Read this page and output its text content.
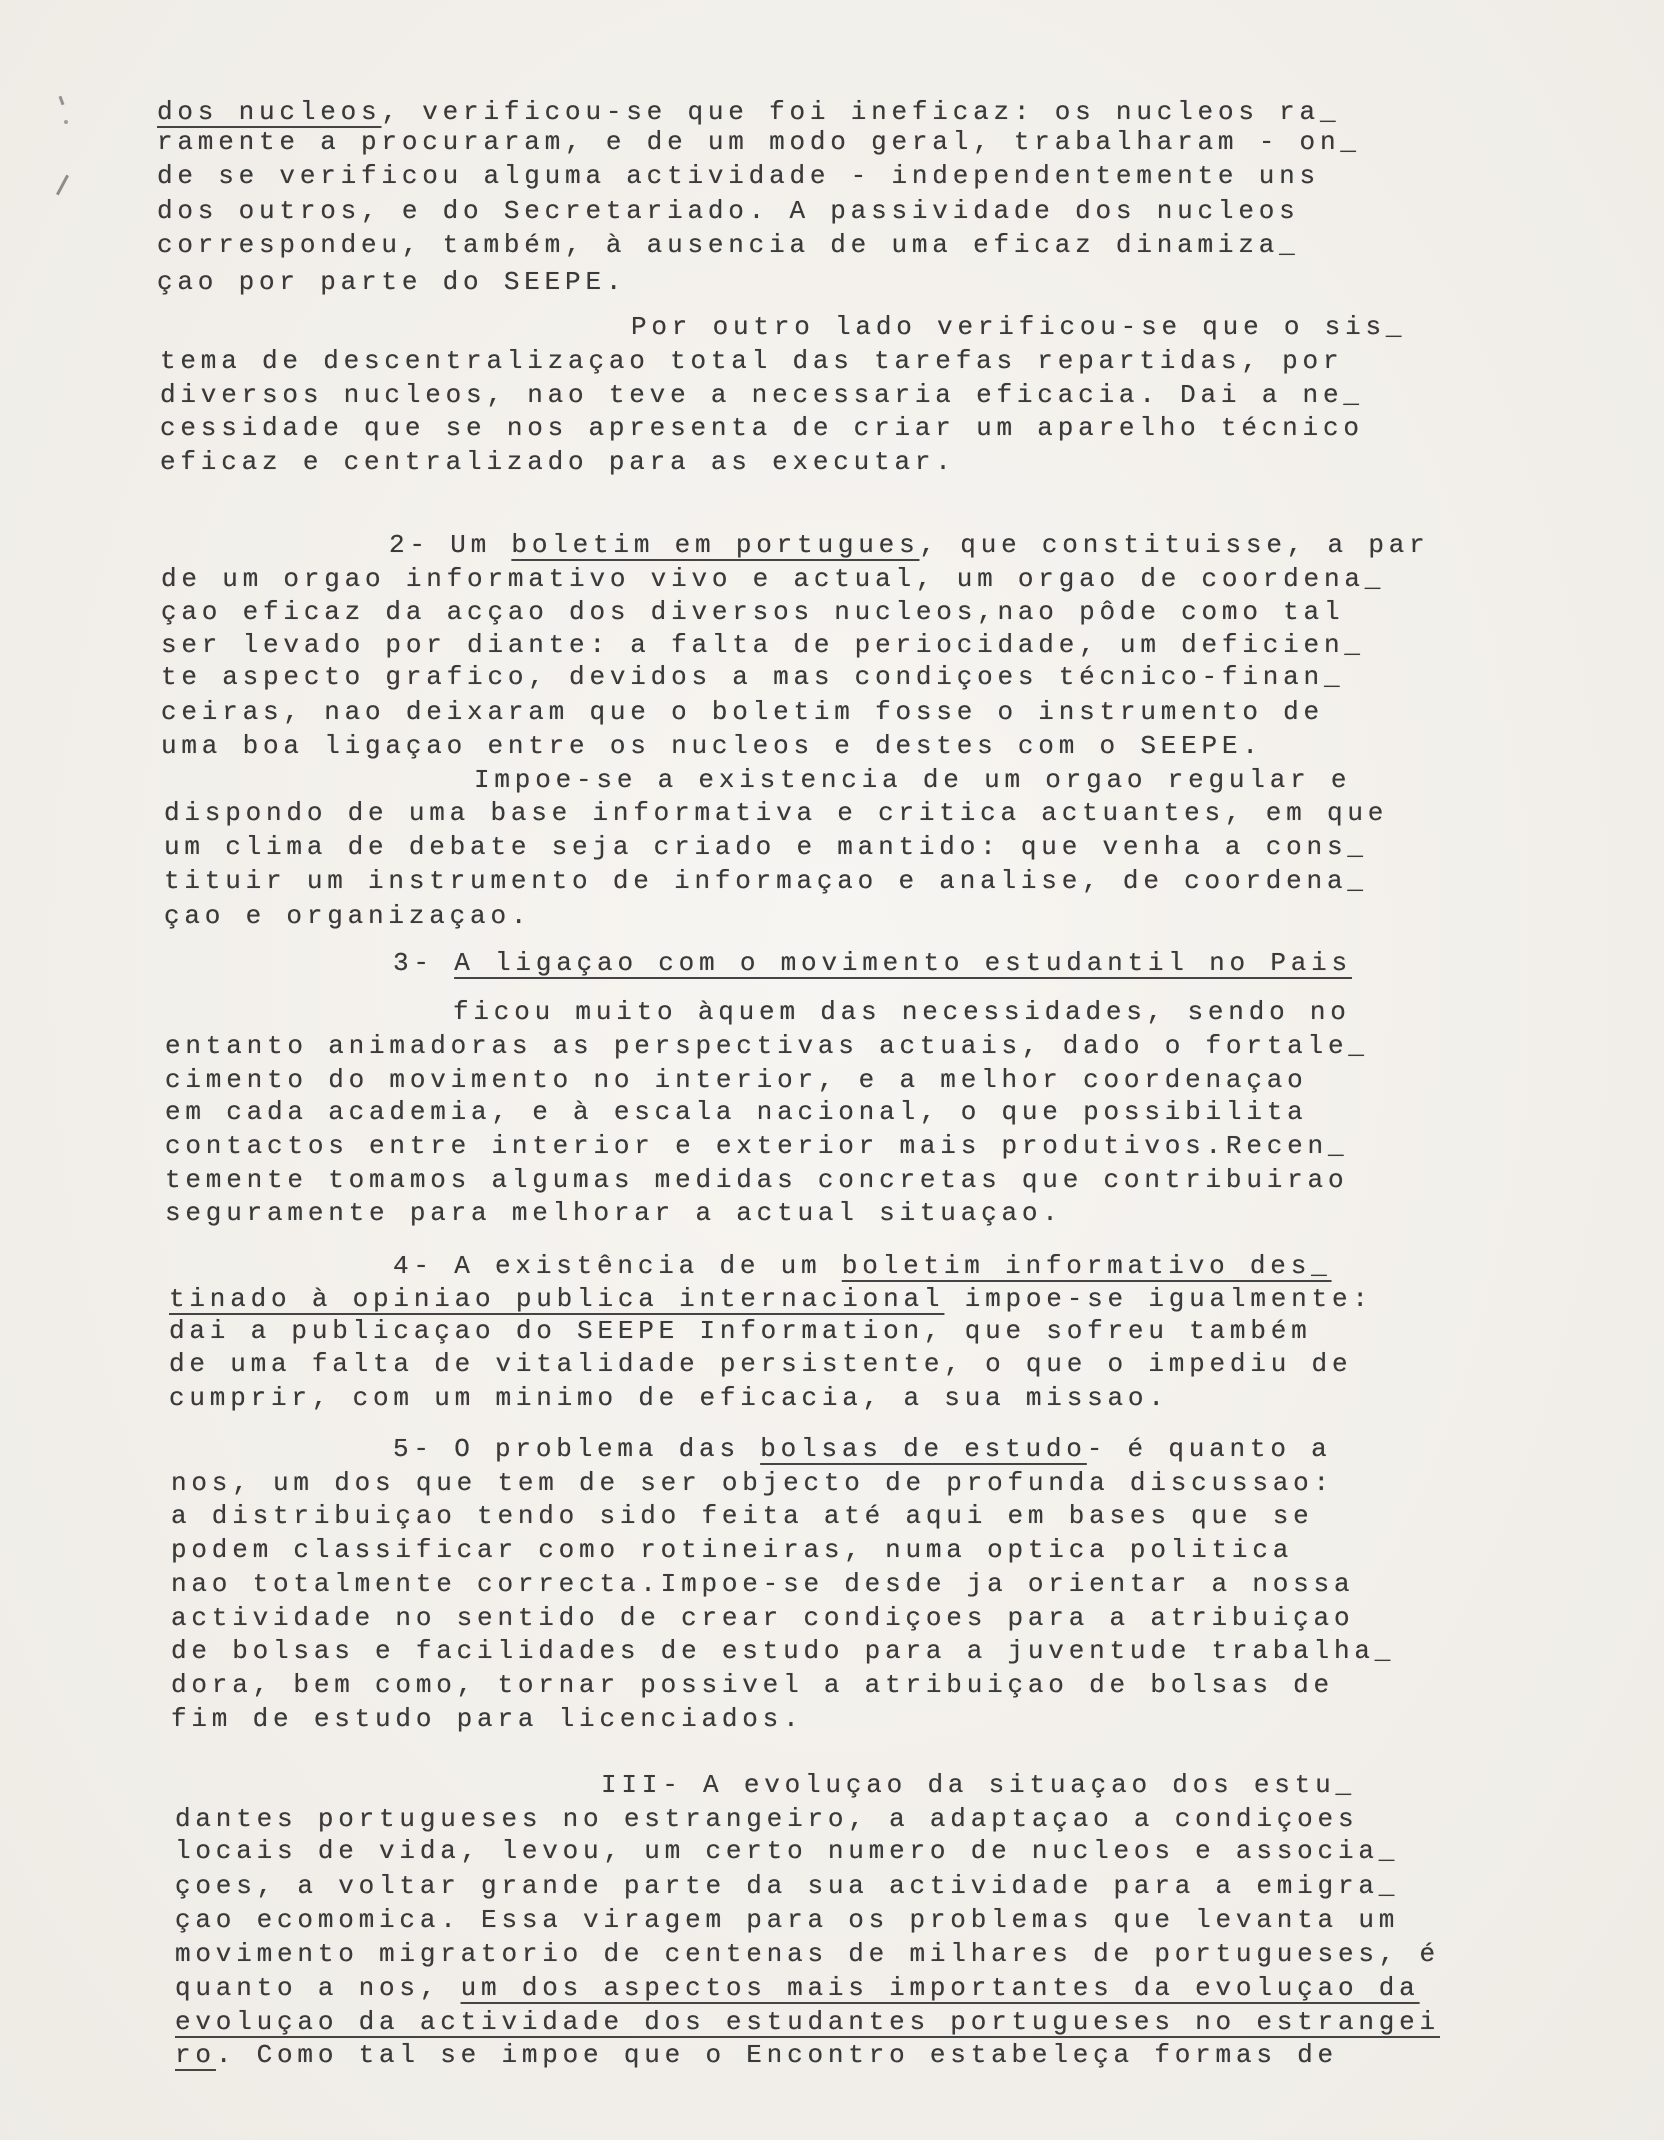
dos nucleos, verificou-se que foi ineficaz: os nucleos ra_
ramente a procuraram, e de um modo geral, trabalharam - on_
de se verificou alguma actividade - independentemente uns
dos outros, e do Secretariado. A passividade dos nucleos
correspondeu, também, à ausencia de uma eficaz dinamiza_
çao por parte do SEEPE.
Por outro lado verificou-se que o sis_
tema de descentralizaçao total das tarefas repartidas, por
diversos nucleos, nao teve a necessaria eficacia. Dai a ne_
cessidade que se nos apresenta de criar um aparelho técnico
eficaz e centralizado para as executar.
2- Um boletim em portugues, que constituisse, a par
de um orgao informativo vivo e actual, um orgao de coordena_
çao eficaz da acçao dos diversos nucleos,nao pôde como tal
ser levado por diante: a falta de periocidade, um deficien_
te aspecto grafico, devidos a mas condiçoes técnico-finan_
ceiras, nao deixaram que o boletim fosse o instrumento de
uma boa ligaçao entre os nucleos e destes com o SEEPE.
Impoe-se a existencia de um orgao regular e
dispondo de uma base informativa e critica actuantes, em que
um clima de debate seja criado e mantido: que venha a cons_
tituir um instrumento de informaçao e analise, de coordena_
çao e organizaçao.
3- A ligaçao com o movimento estudantil no Pais
ficou muito àquem das necessidades, sendo no
entanto animadoras as perspectivas actuais, dado o fortale_
cimento do movimento no interior, e a melhor coordenaçao
em cada academia, e à escala nacional, o que possibilita
contactos entre interior e exterior mais produtivos.Recen_
temente tomamos algumas medidas concretas que contribuirao
seguramente para melhorar a actual situaçao.
4- A existência de um boletim informativo des_
tinado à opiniao publica internacional impoe-se igualmente:
dai a publicaçao do SEEPE Information, que sofreu também
de uma falta de vitalidade persistente, o que o impediu de
cumprir, com um minimo de eficacia, a sua missao.
5- O problema das bolsas de estudo- é quanto a
nos, um dos que tem de ser objecto de profunda discussao:
a distribuiçao tendo sido feita até aqui em bases que se
podem classificar como rotineiras, numa optica politica
nao totalmente correcta.Impoe-se desde ja orientar a nossa
actividade no sentido de crear condiçoes para a atribuiçao
de bolsas e facilidades de estudo para a juventude trabalha_
dora, bem como, tornar possivel a atribuiçao de bolsas de
fim de estudo para licenciados.
III- A evoluçao da situaçao dos estu_
dantes portugueses no estrangeiro, a adaptaçao a condiçoes
locais de vida, levou, um certo numero de nucleos e associa_
çoes, a voltar grande parte da sua actividade para a emigra_
çao ecomomica. Essa viragem para os problemas que levanta um
movimento migratorio de centenas de milhares de portugueses, é
quanto a nos, um dos aspectos mais importantes da evoluçao da
evoluçao da actividade dos estudantes portugueses no estrangei
ro. Como tal se impoe que o Encontro estabeleça formas de
